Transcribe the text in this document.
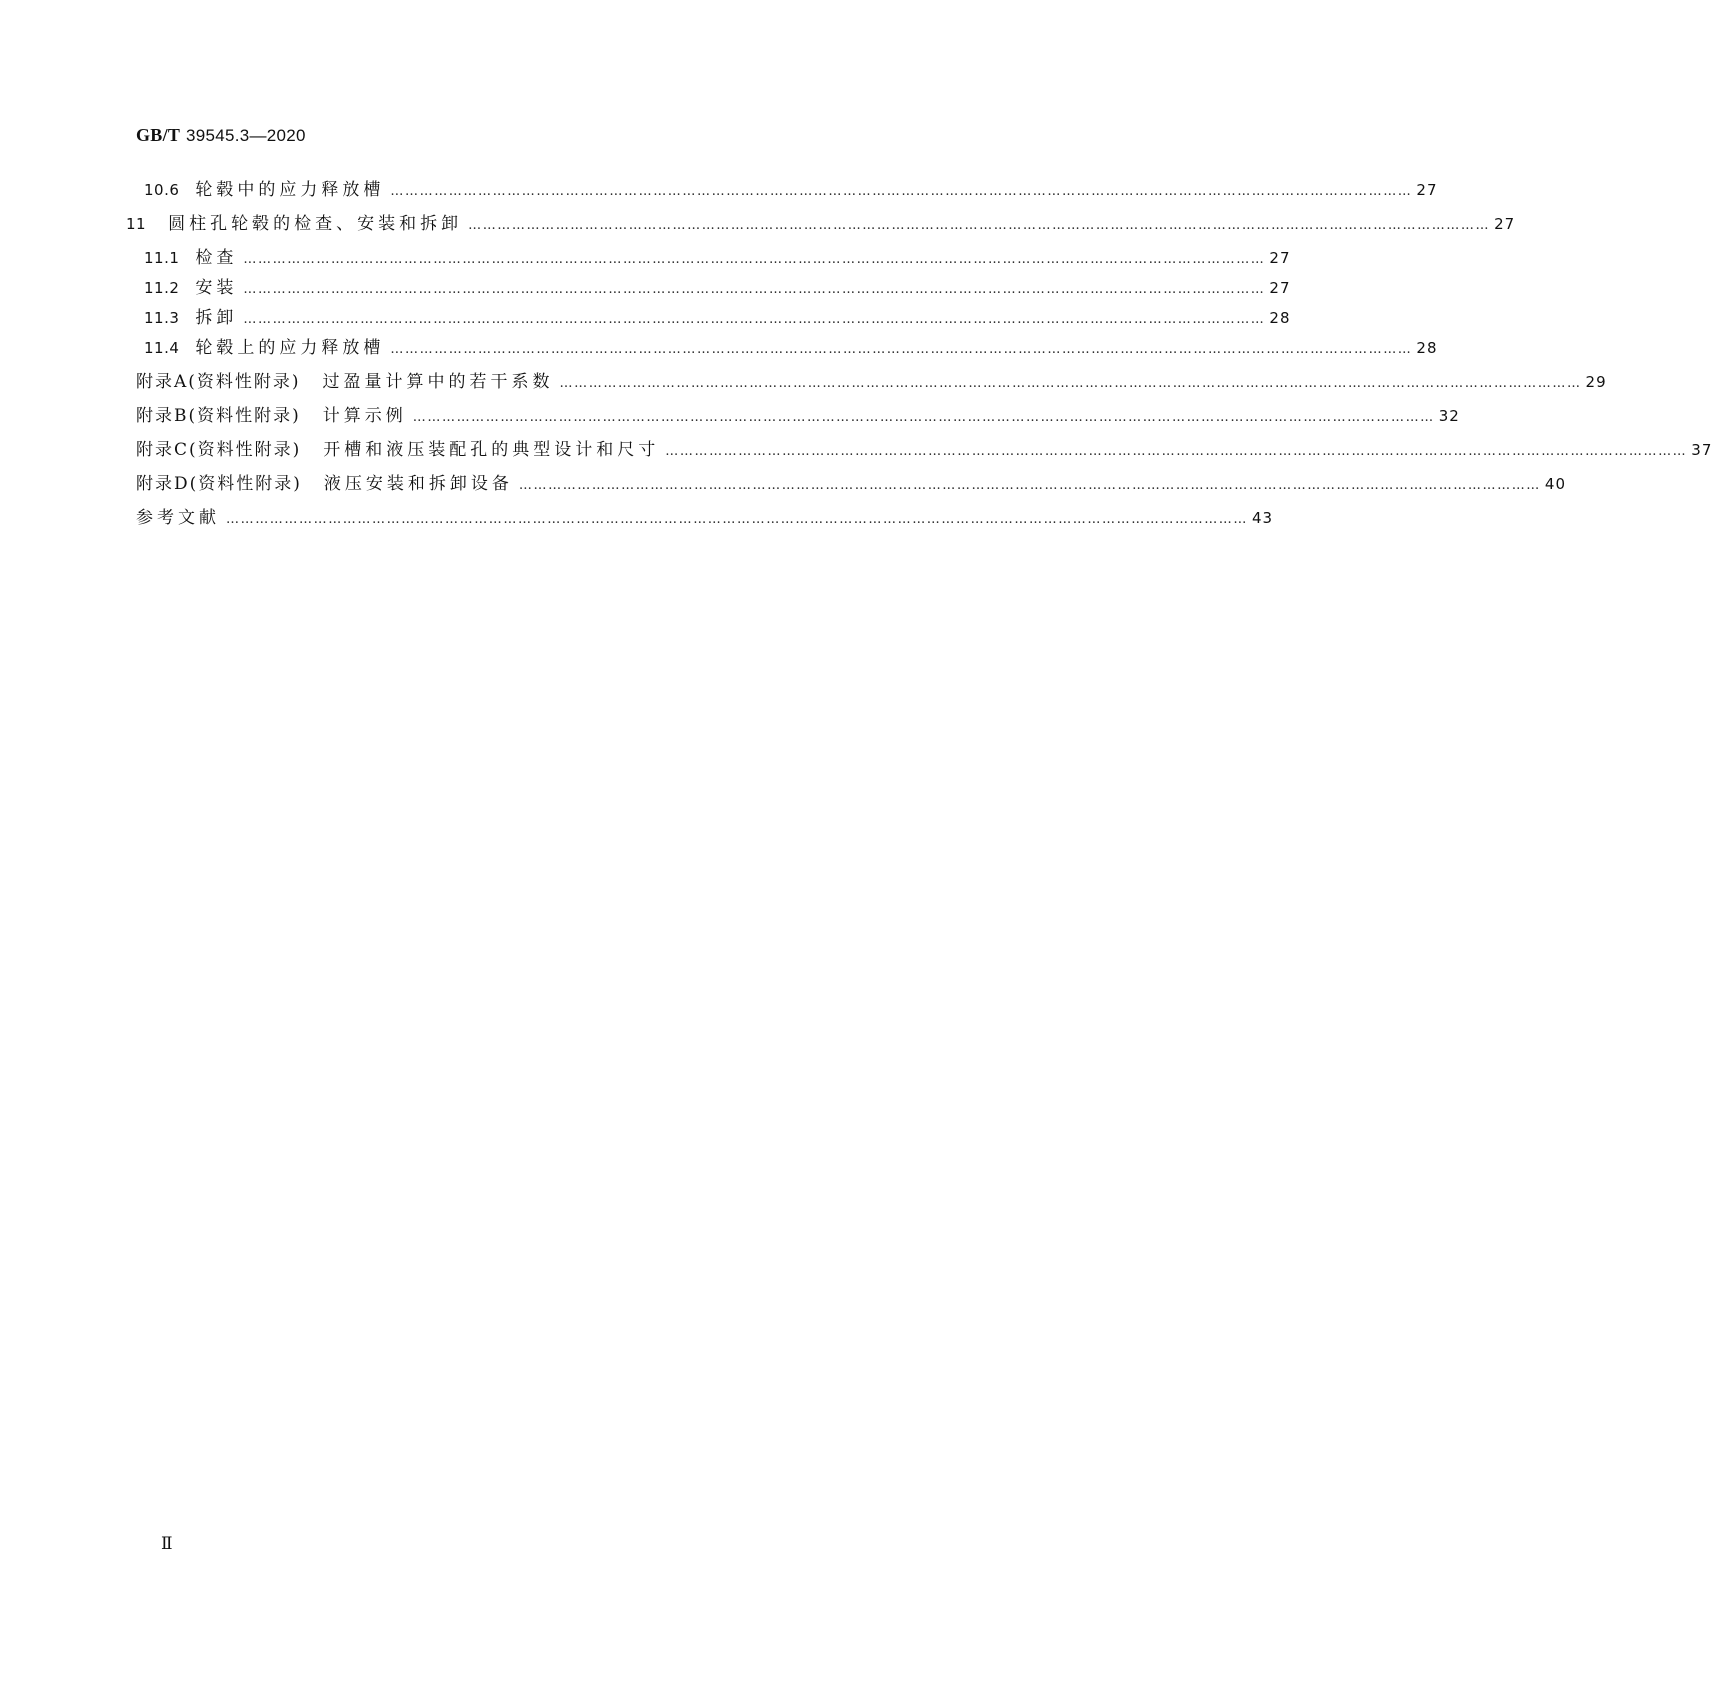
GB/T 39545.3—2020
10.6 轮毂中的应力释放槽 ………………………………………………………………………………………………………………………………………………………………………………………… 27
11 圆柱孔轮毂的检查、安装和拆卸 ………………………………………………………………………………………………………………………………………………………………………………………… 27
11.1 检查 ………………………………………………………………………………………………………………………………………………………………………………………… 27
11.2 安装 ………………………………………………………………………………………………………………………………………………………………………………………… 27
11.3 拆卸 ………………………………………………………………………………………………………………………………………………………………………………………… 28
11.4 轮毂上的应力释放槽 ………………………………………………………………………………………………………………………………………………………………………………………… 28
附录A(资料性附录) 过盈量计算中的若干系数 ………………………………………………………………………………………………………………………………………………………………………………………… 29
附录B(资料性附录) 计算示例 ………………………………………………………………………………………………………………………………………………………………………………………… 32
附录C(资料性附录) 开槽和液压装配孔的典型设计和尺寸 ………………………………………………………………………………………………………………………………………………………………………………………… 37
附录D(资料性附录) 液压安装和拆卸设备 ………………………………………………………………………………………………………………………………………………………………………………………… 40
参考文献 ………………………………………………………………………………………………………………………………………………………………………………………… 43
Ⅱ
